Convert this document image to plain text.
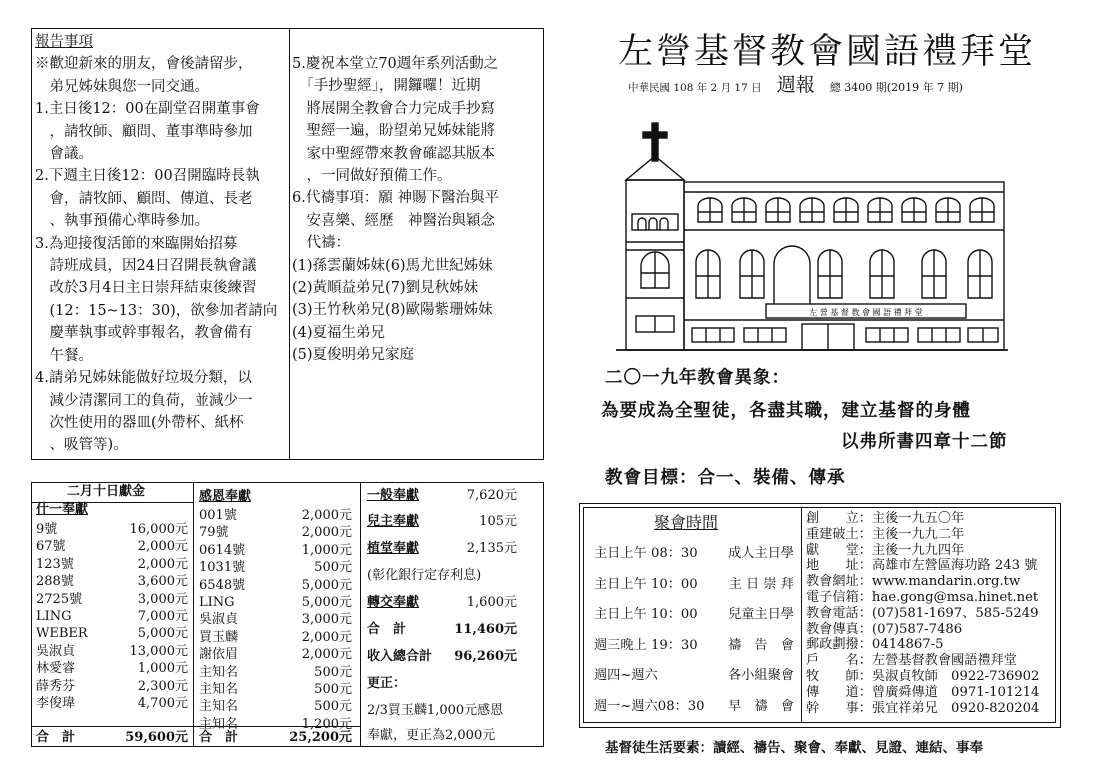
報告事項
※歡迎新來的朋友，會後請留步，
　弟兄姊妹與您一同交通。
1.主日後12：00在副堂召開董事會
　，請牧師、顧問、董事準時參加
　會議。
2.下週主日後12：00召開臨時長執
　會，請牧師、顧問、傳道、長老
　、執事預備心準時參加。
3.為迎接復活節的來臨開始招募
　詩班成員，因24日召開長執會議
　改於3月4日主日崇拜結束後練習
　(12：15~13：30)，欲參加者請向
　慶華執事或幹事報名，教會備有
　午餐。
4.請弟兄姊妹能做好垃圾分類，以
　減少清潔同工的負荷，並減少一
　次性使用的器皿(外帶杯、紙杯
　、吸管等)。
5.慶祝本堂立70週年系列活動之
　「手抄聖經」，開鑼囉！近期
　將展開全教會合力完成手抄寫
　聖經一遍，盼望弟兄姊妹能將
　家中聖經帶來教會確認其版本
　，一同做好預備工作。
6.代禱事項：願 神賜下醫治與平
　安喜樂、經歷　神醫治與穎念
　代禱：
(1)孫雲蘭姊妹(6)馬尤世紀姊妹
(2)黃順益弟兄(7)劉見秋姊妹
(3)王竹秋弟兄(8)歐陽紫珊姊妹
(4)夏福生弟兄
(5)夏俊明弟兄家庭
左營基督教會國語禮拜堂
中華民國 108 年 2 月 17 日 週報 總 3400 期(2019 年 7 期)
左 營 基 督 教 會 國 語 禮 拜 堂
二〇一九年教會異象：
為要成為全聖徒，各盡其職，建立基督的身體
以弗所書四章十二節
教會目標：合一、裝備、傳承
二月十日獻金
什一奉獻
9號	16,000元
67號	2,000元
123號	2,000元
288號	3,600元
2725號	3,000元
LING	7,000元
WEBER	5,000元
吳淑貞	13,000元
林愛睿	1,000元
薛秀芬	2,300元
李俊瑋	4,700元
合　計	59,600元
感恩奉獻
001號	2,000元
79號	2,000元
0614號	1,000元
1031號	500元
6548號	5,000元
LING	5,000元
吳淑貞	3,000元
買玉麟	2,000元
謝依眉	2,000元
主知名	500元
主知名	500元
主知名	500元
主知名	1,200元
合　計	25,200元
一般奉獻	7,620元
兒主奉獻	105元
植堂奉獻	2,135元
(彰化銀行定存利息)
轉交奉獻	1,600元
合　計	11,460元
收入總合計 96,260元
更正：
2/3買玉麟1,000元感恩
奉獻，更正為2,000元
聚會時間
主日上午 08：30 成人主日學
主日上午 10：00 主 日 崇 拜
主日上午 10：00 兒童主日學
週三晚上 19：30 禱　告　會
週四~週六	各小組聚會
週一~週六08：30 早　禱　會
創　　立：主後一九五〇年
重建破土：主後一九九二年
獻　　堂：主後一九九四年
地　　址：高雄市左營區海功路 243 號
教會網址：www.mandarin.org.tw
電子信箱：hae.gong@msa.hinet.net
教會電話：(07)581-1697、585-5249
教會傳真：(07)587-7486
郵政劃撥：0414867-5
戶　　名：左營基督教會國語禮拜堂
牧　　師：吳淑貞牧師　0922-736902
傳　　道：曾廣舜傳道　0971-101214
幹　　事：張宜祥弟兄　0920-820204
基督徒生活要素：讀經、禱告、聚會、奉獻、見證、連結、事奉
